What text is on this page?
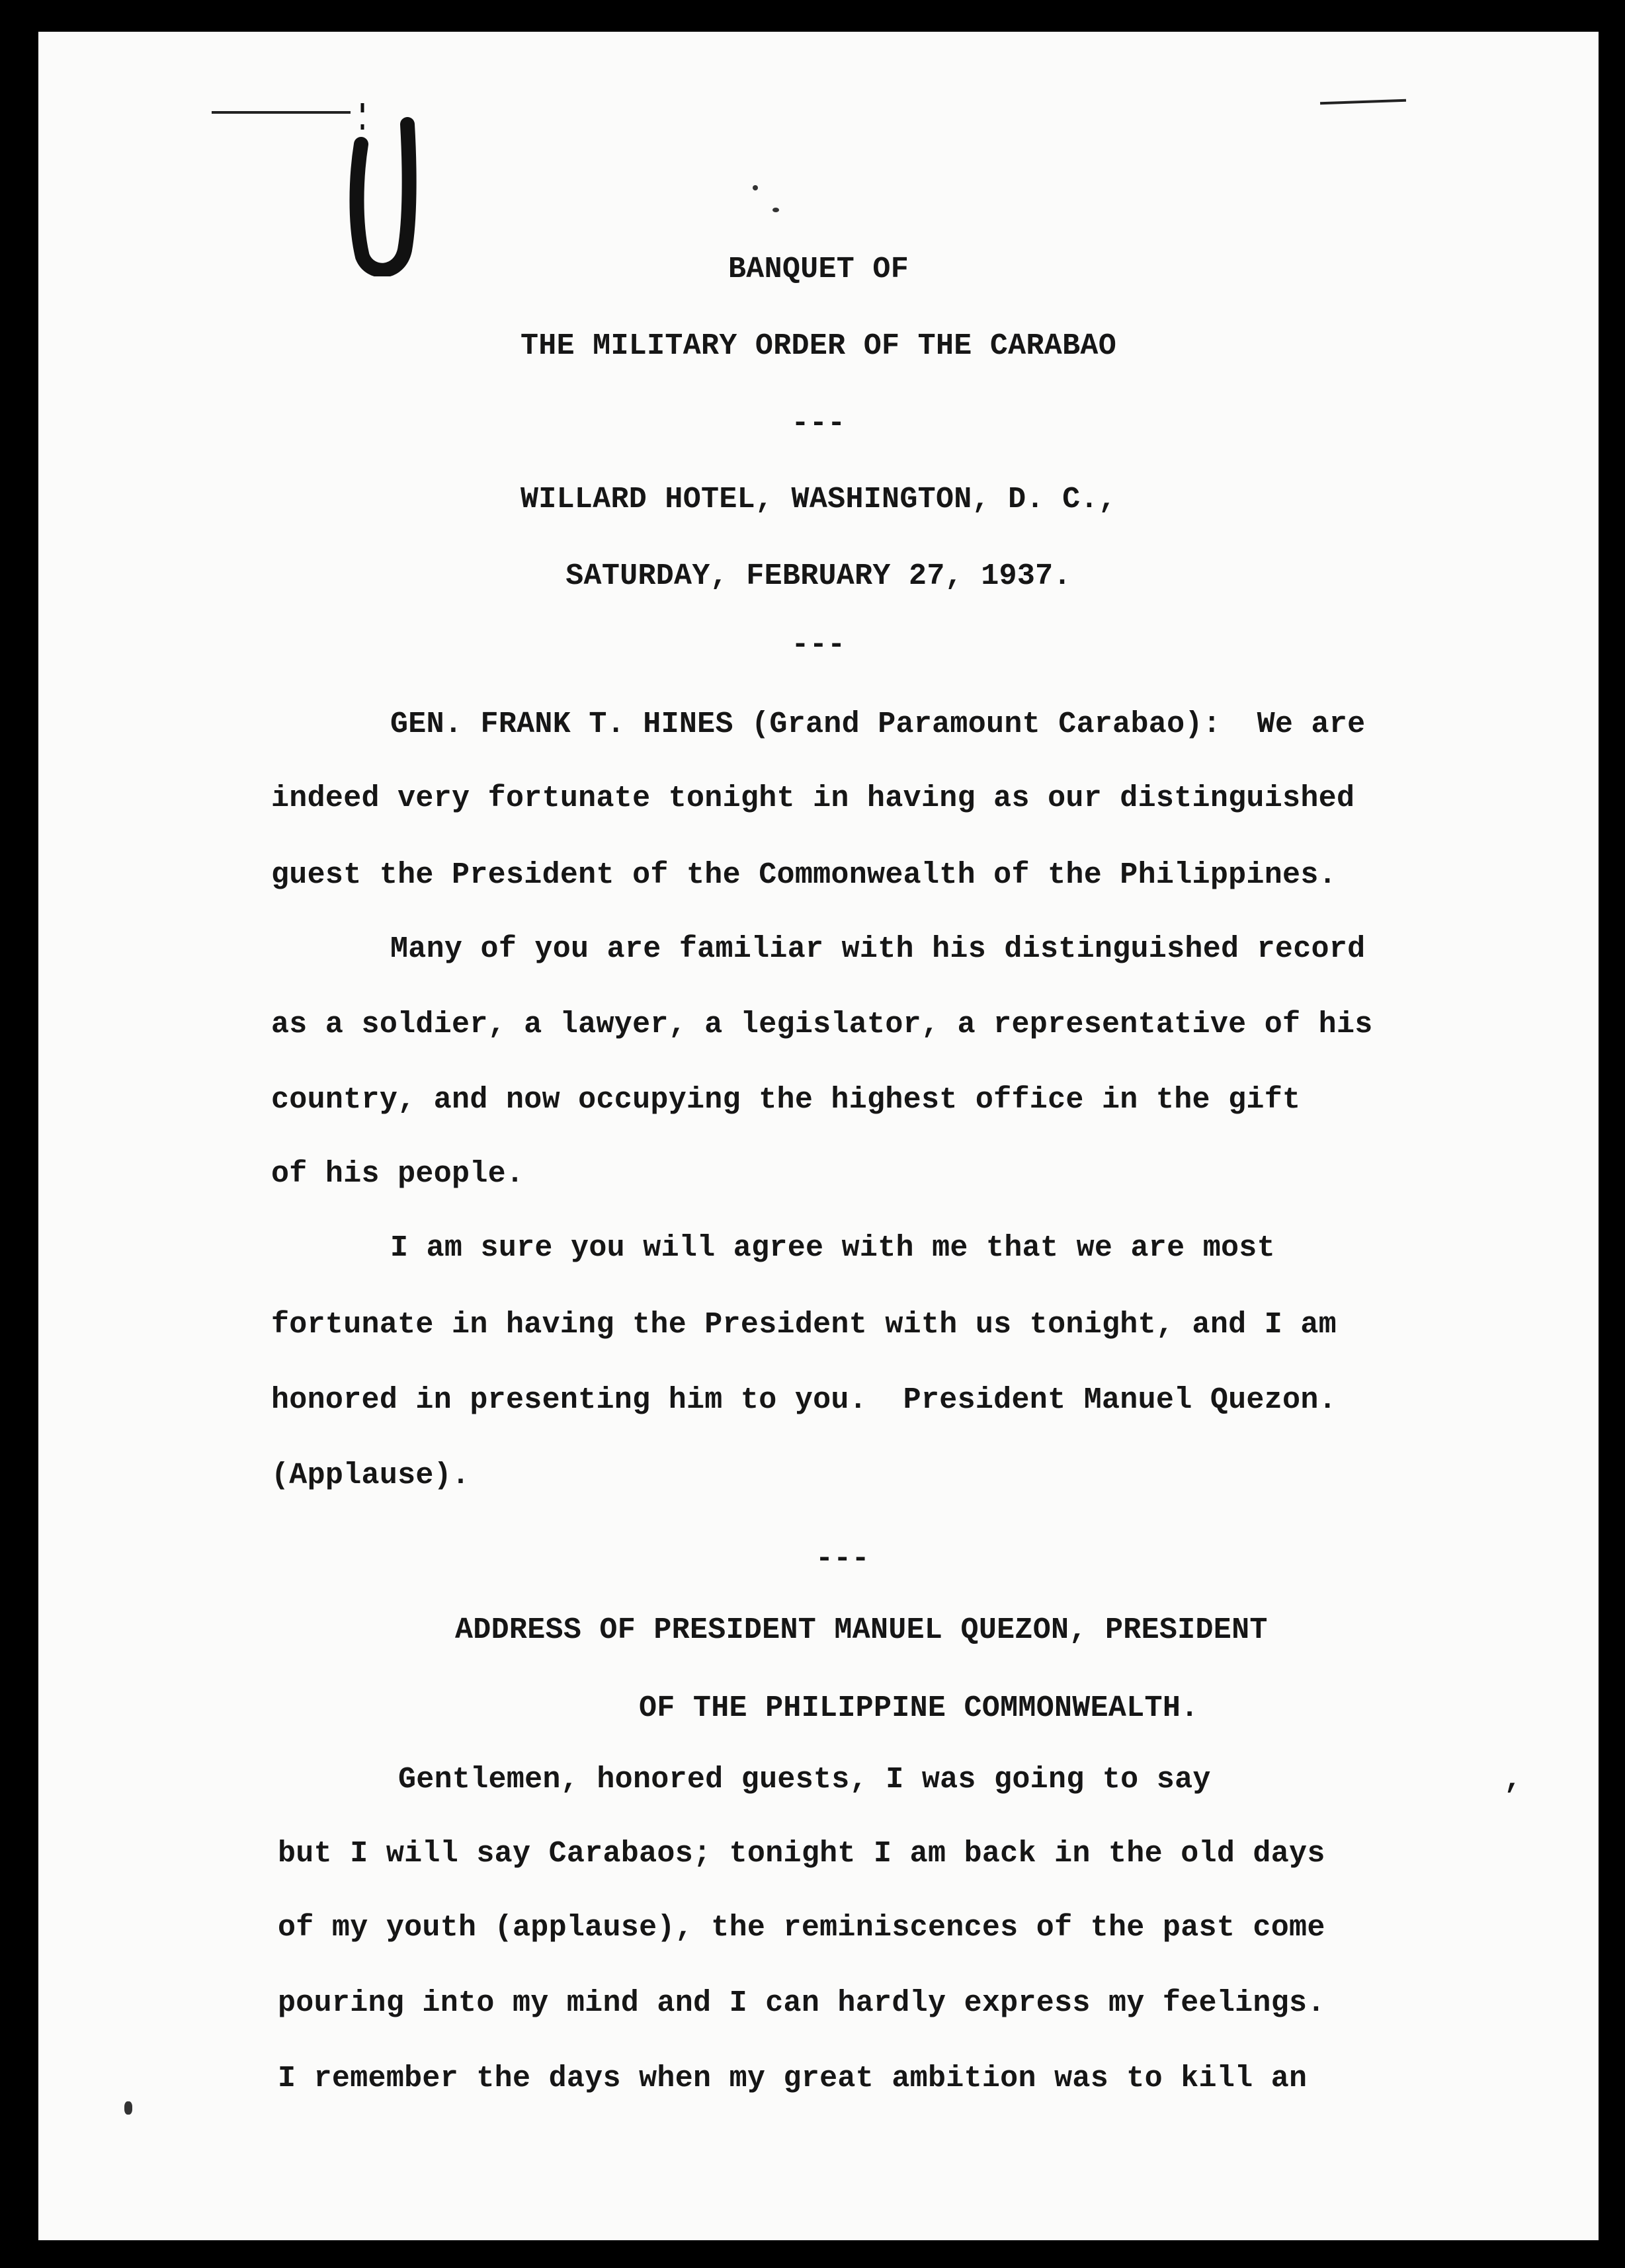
BANQUET OF
THE MILITARY ORDER OF THE CARABAO
---
WILLARD HOTEL, WASHINGTON, D. C.,
SATURDAY, FEBRUARY 27, 1937.
---
GEN. FRANK T. HINES (Grand Paramount Carabao):  We are
indeed very fortunate tonight in having as our distinguished
guest the President of the Commonwealth of the Philippines.
Many of you are familiar with his distinguished record
as a soldier, a lawyer, a legislator, a representative of his
country, and now occupying the highest office in the gift
of his people.
I am sure you will agree with me that we are most
fortunate in having the President with us tonight, and I am
honored in presenting him to you.  President Manuel Quezon.
(Applause).
---
ADDRESS OF PRESIDENT MANUEL QUEZON, PRESIDENT
OF THE PHILIPPINE COMMONWEALTH.
Gentlemen, honored guests, I was going to say	,
but I will say Carabaos; tonight I am back in the old days
of my youth (applause), the reminiscences of the past come
pouring into my mind and I can hardly express my feelings.
I remember the days when my great ambition was to kill an
